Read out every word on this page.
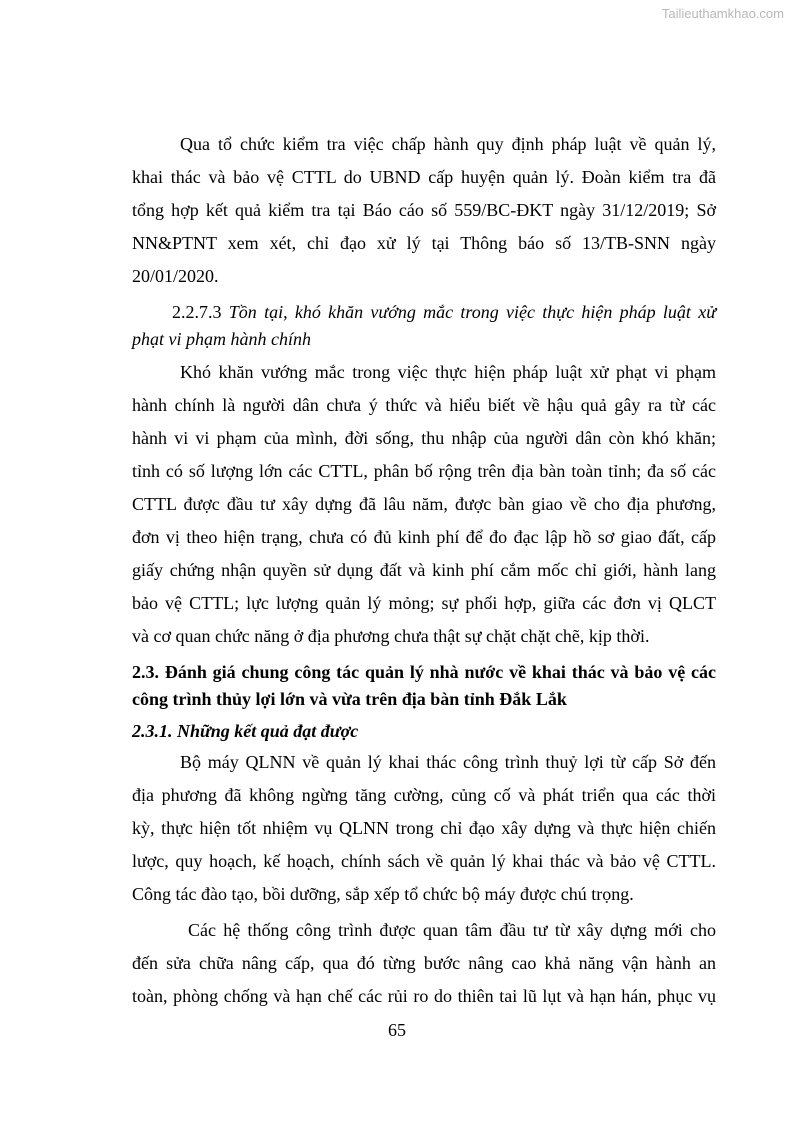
Tailieuthamkhao.com
Qua tổ chức kiểm tra việc chấp hành quy định pháp luật về quản lý,
khai thác và bảo vệ CTTL do UBND cấp huyện quản lý. Đoàn kiểm tra đã
tổng hợp kết quả kiểm tra tại Báo cáo số 559/BC-ĐKT ngày 31/12/2019; Sở
NN&PTNT xem xét, chỉ đạo xử lý tại Thông báo số 13/TB-SNN ngày
20/01/2020.
2.2.7.3 Tồn tại, khó khăn vướng mắc trong việc thực hiện pháp luật xử
phạt vi phạm hành chính
Khó khăn vướng mắc trong việc thực hiện pháp luật xử phạt vi phạm
hành chính là người dân chưa ý thức và hiểu biết về hậu quả gây ra từ các
hành vi vi phạm của mình, đời sống, thu nhập của người dân còn khó khăn;
tỉnh có số lượng lớn các CTTL, phân bố rộng trên địa bàn toàn tỉnh; đa số các
CTTL được đầu tư xây dựng đã lâu năm, được bàn giao về cho địa phương,
đơn vị theo hiện trạng, chưa có đủ kinh phí để đo đạc lập hồ sơ giao đất, cấp
giấy chứng nhận quyền sử dụng đất và kinh phí cắm mốc chỉ giới, hành lang
bảo vệ CTTL; lực lượng quản lý mỏng; sự phối hợp, giữa các đơn vị QLCT
và cơ quan chức năng ở địa phương chưa thật sự chặt chặt chẽ, kịp thời.
2.3. Đánh giá chung công tác quản lý nhà nước về khai thác và bảo vệ các
công trình thủy lợi lớn và vừa trên địa bàn tỉnh Đắk Lắk
2.3.1. Những kết quả đạt được
Bộ máy QLNN về quản lý khai thác công trình thuỷ lợi từ cấp Sở đến
địa phương đã không ngừng tăng cường, củng cố và phát triển qua các thời
kỳ, thực hiện tốt nhiệm vụ QLNN trong chỉ đạo xây dựng và thực hiện chiến
lược, quy hoạch, kế hoạch, chính sách về quản lý khai thác và bảo vệ CTTL.
Công tác đào tạo, bồi dưỡng, sắp xếp tổ chức bộ máy được chú trọng.
Các hệ thống công trình được quan tâm đầu tư từ xây dựng mới cho
đến sửa chữa nâng cấp, qua đó từng bước nâng cao khả năng vận hành an
toàn, phòng chống và hạn chế các rủi ro do thiên tai lũ lụt và hạn hán, phục vụ
65
